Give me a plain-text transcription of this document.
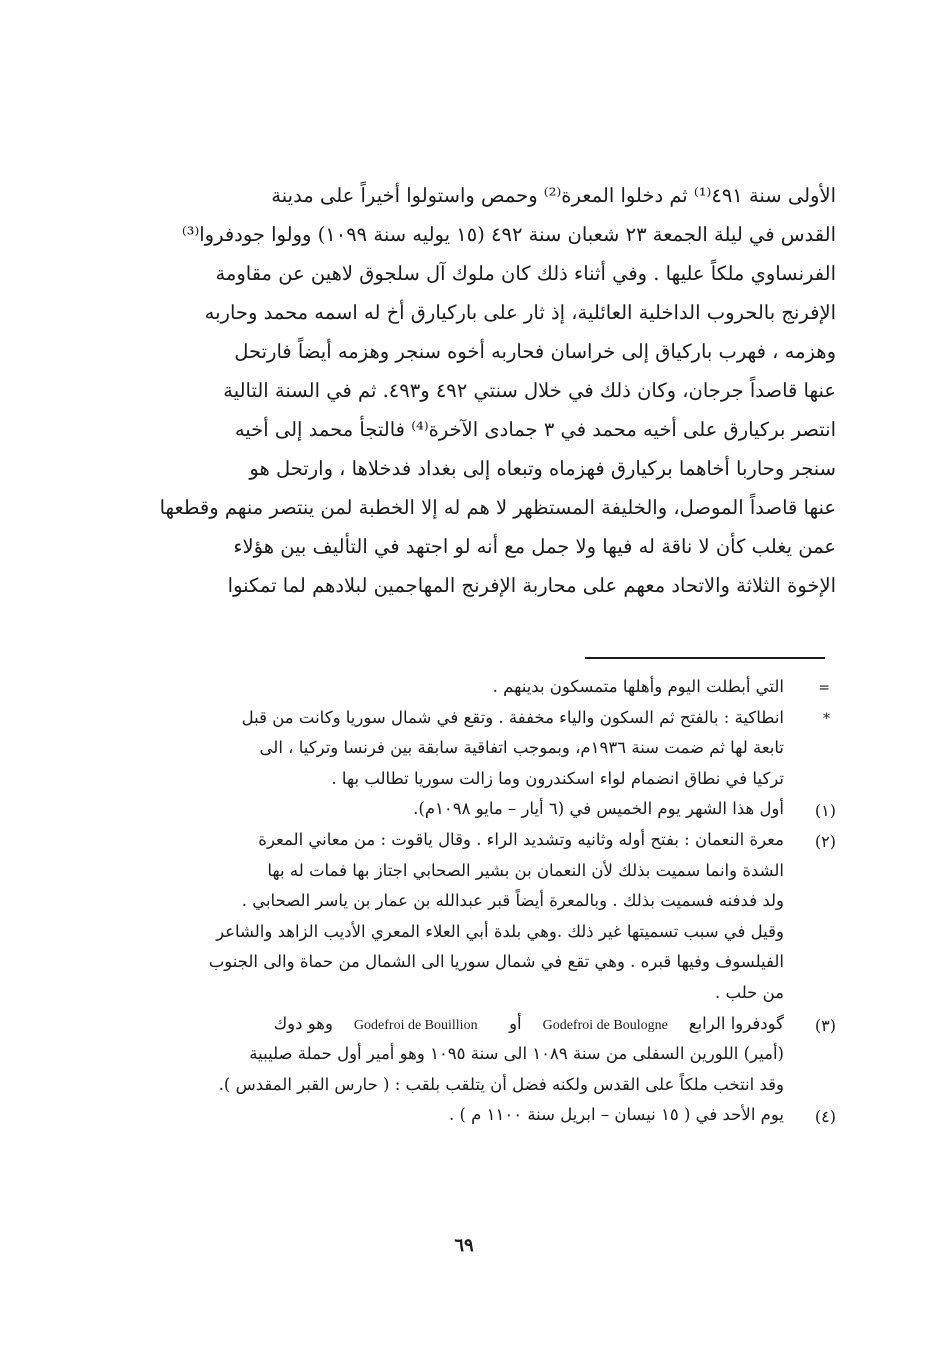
الأولى سنة ٤٩١⁽¹⁾ ثم دخلوا المعرة⁽²⁾ وحمص واستولوا أخيراً على مدينة
القدس في ليلة الجمعة ٢٣ شعبان سنة ٤٩٢ (١٥ يوليه سنة ١٠٩٩) وولوا جودفروا⁽³⁾
الفرنساوي ملكاً عليها . وفي أثناء ذلك كان ملوك آل سلجوق لاهين عن مقاومة
الإفرنج بالحروب الداخلية العائلية، إذ ثار على باركيارق أخ له اسمه محمد وحاربه
وهزمه ، فهرب باركياق إلى خراسان فحاربه أخوه سنجر وهزمه أيضاً فارتحل
عنها قاصداً جرجان، وكان ذلك في خلال سنتي ٤٩٢ و٤٩٣. ثم في السنة التالية
انتصر بركيارق على أخيه محمد في ٣ جمادى الآخرة⁽⁴⁾ فالتجأ محمد إلى أخيه
سنجر وحاربا أخاهما بركيارق فهزماه وتبعاه إلى بغداد فدخلاها ، وارتحل هو
عنها قاصداً الموصل، والخليفة المستظهر لا هم له إلا الخطبة لمن ينتصر منهم وقطعها
عمن يغلب كأن لا ناقة له فيها ولا جمل مع أنه لو اجتهد في التأليف بين هؤلاء
الإخوة الثلاثة والاتحاد معهم على محاربة الإفرنج المهاجمين لبلادهم لما تمكنوا
=
التي أبطلت اليوم وأهلها متمسكون بدينهم .
*
انطاكية : بالفتح ثم السكون والياء مخففة . وتقع في شمال سوريا وكانت من قبل
تابعة لها ثم ضمت سنة ١٩٣٦م، وبموجب اتفاقية سابقة بين فرنسا وتركيا ، الى
تركيا في نطاق انضمام لواء اسكندرون وما زالت سوريا تطالب بها .
(١)
أول هذا الشهر يوم الخميس في (٦ أيار – مايو ١٠٩٨م).
(٢)
معرة النعمان : بفتح أوله وثانيه وتشديد الراء . وقال ياقوت : من معاني المعرة
الشدة وانما سميت بذلك لأن النعمان بن بشير الصحابي اجتاز بها فمات له بها
ولد فدفنه فسميت بذلك . وبالمعرة أيضاً قبر عبدالله بن عمار بن ياسر الصحابي .
وقيل في سبب تسميتها غير ذلك .وهي بلدة أبي العلاء المعري الأديب الزاهد والشاعر
الفيلسوف وفيها قبره . وهي تقع في شمال سوريا الى الشمال من حماة والى الجنوب
من حلب .
(٣)
گودفروا الرابع    Godefroi de Boulogne    أو      Godefroi de Bouillion    وهو دوك
(أمير) اللورين السفلى من سنة ١٠٨٩ الى سنة ١٠٩٥ وهو أمير أول حملة صليبية
وقد انتخب ملكاً على القدس ولكنه فضل أن يتلقب بلقب : ( حارس القبر المقدس ).
(٤)
يوم الأحد في ( ١٥ نيسان – ابريل سنة ١١٠٠ م ) .
٦٩
